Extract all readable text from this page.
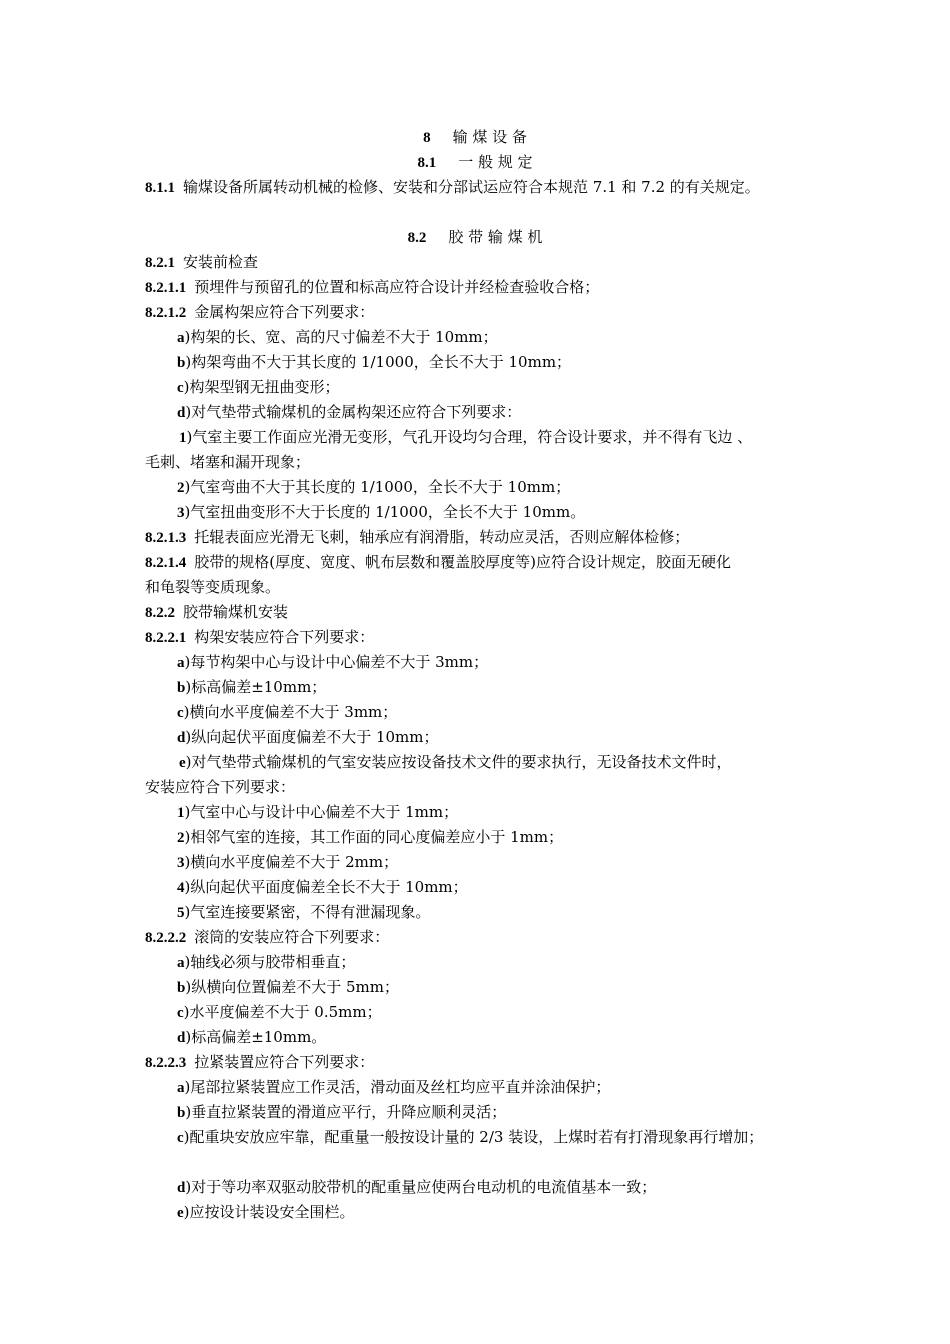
8 输 煤 设 备
8.1 一 般 规 定
8.1.1 输煤设备所属转动机械的检修、安装和分部试运应符合本规范 7.1 和 7.2 的有关规定。
8.2 胶 带 输 煤 机
8.2.1 安装前检查
8.2.1.1 预埋件与预留孔的位置和标高应符合设计并经检查验收合格；
8.2.1.2 金属构架应符合下列要求：
a)构架的长、宽、高的尺寸偏差不大于 10mm；
b)构架弯曲不大于其长度的 1/1000，全长不大于 10mm；
c)构架型钢无扭曲变形；
d)对气垫带式输煤机的金属构架还应符合下列要求：
1)气室主要工作面应光滑无变形，气孔开设均匀合理，符合设计要求，并不得有飞边 、
毛刺、堵塞和漏开现象；
2)气室弯曲不大于其长度的 1/1000，全长不大于 10mm；
3)气室扭曲变形不大于长度的 1/1000，全长不大于 10mm。
8.2.1.3 托辊表面应光滑无飞刺，轴承应有润滑脂，转动应灵活，否则应解体检修；
8.2.1.4 胶带的规格(厚度、宽度、帆布层数和覆盖胶厚度等)应符合设计规定，胶面无硬化
和龟裂等变质现象。
8.2.2 胶带输煤机安装
8.2.2.1 构架安装应符合下列要求：
a)每节构架中心与设计中心偏差不大于 3mm；
b)标高偏差±10mm；
c)横向水平度偏差不大于 3mm；
d)纵向起伏平面度偏差不大于 10mm；
e)对气垫带式输煤机的气室安装应按设备技术文件的要求执行，无设备技术文件时，
安装应符合下列要求：
1)气室中心与设计中心偏差不大于 1mm；
2)相邻气室的连接，其工作面的同心度偏差应小于 1mm；
3)横向水平度偏差不大于 2mm；
4)纵向起伏平面度偏差全长不大于 10mm；
5)气室连接要紧密，不得有泄漏现象。
8.2.2.2 滚筒的安装应符合下列要求：
a)轴线必须与胶带相垂直；
b)纵横向位置偏差不大于 5mm；
c)水平度偏差不大于 0.5mm；
d)标高偏差±10mm。
8.2.2.3 拉紧装置应符合下列要求：
a)尾部拉紧装置应工作灵活，滑动面及丝杠均应平直并涂油保护；
b)垂直拉紧装置的滑道应平行，升降应顺利灵活；
c)配重块安放应牢靠，配重量一般按设计量的 2/3 装设，上煤时若有打滑现象再行增加；
d)对于等功率双驱动胶带机的配重量应使两台电动机的电流值基本一致；
e)应按设计装设安全围栏。
